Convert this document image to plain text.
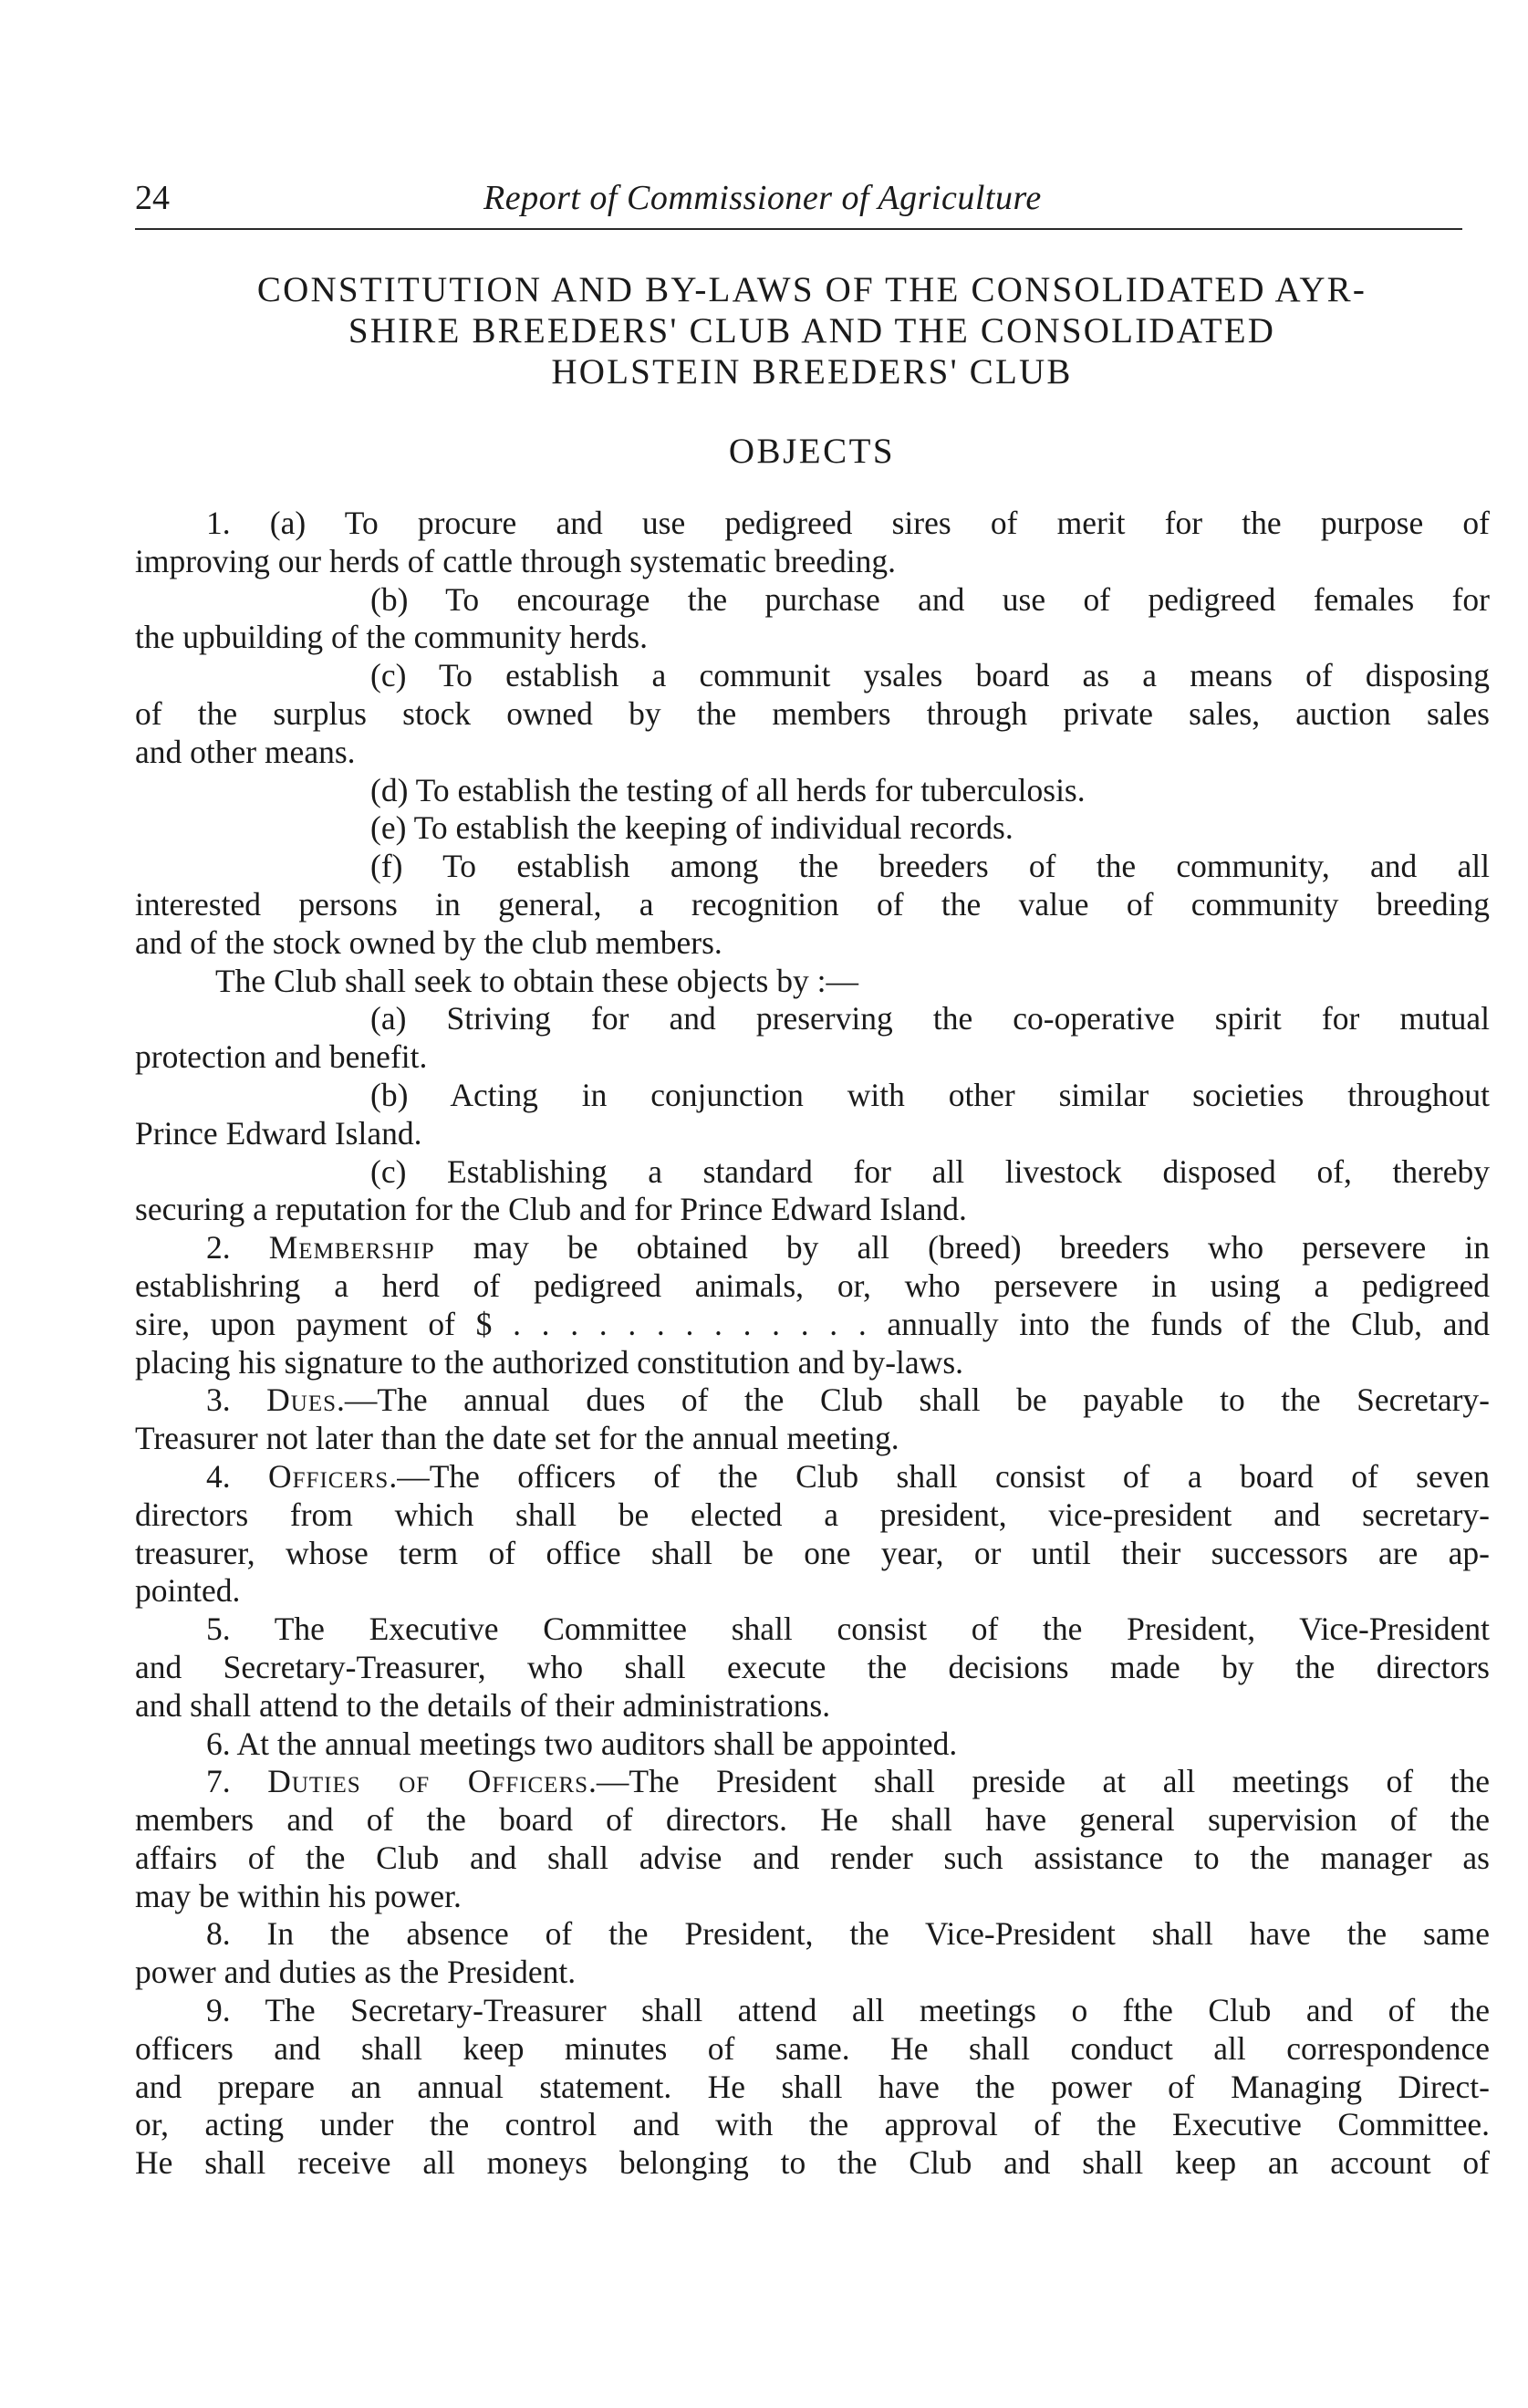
24	Report of Commissioner of Agriculture
CONSTITUTION AND BY-LAWS OF THE CONSOLIDATED AYR-
SHIRE BREEDERS' CLUB AND THE CONSOLIDATED
HOLSTEIN BREEDERS' CLUB
OBJECTS
1. (a) To procure and use pedigreed sires of merit for the purpose of
improving our herds of cattle through systematic breeding.
(b) To encourage the purchase and use of pedigreed females for
the upbuilding of the community herds.
(c) To establish a communit ysales board as a means of disposing
of the surplus stock owned by the members through private sales, auction sales
and other means.
(d) To establish the testing of all herds for tuberculosis.
(e) To establish the keeping of individual records.
(f) To establish among the breeders of the community, and all
interested persons in general, a recognition of the value of community breeding
and of the stock owned by the club members.
The Club shall seek to obtain these objects by :—
(a) Striving for and preserving the co-operative spirit for mutual
protection and benefit.
(b) Acting in conjunction with other similar societies throughout
Prince Edward Island.
(c) Establishing a standard for all livestock disposed of, thereby
securing a reputation for the Club and for Prince Edward Island.
2. Membership may be obtained by all (breed) breeders who persevere in
establishring a herd of pedigreed animals, or, who persevere in using a pedigreed
sire, upon payment of $ . . . . . . . . . . . . . annually into the funds of the Club, and
placing his signature to the authorized constitution and by-laws.
3. Dues.—The annual dues of the Club shall be payable to the Secretary-
Treasurer not later than the date set for the annual meeting.
4. Officers.—The officers of the Club shall consist of a board of seven
directors from which shall be elected a president, vice-president and secretary-
treasurer, whose term of office shall be one year, or until their successors are ap-
pointed.
5. The Executive Committee shall consist of the President, Vice-President
and Secretary-Treasurer, who shall execute the decisions made by the directors
and shall attend to the details of their administrations.
6. At the annual meetings two auditors shall be appointed.
7. Duties of Officers.—The President shall preside at all meetings of the
members and of the board of directors. He shall have general supervision of the
affairs of the Club and shall advise and render such assistance to the manager as
may be within his power.
8. In the absence of the President, the Vice-President shall have the same
power and duties as the President.
9. The Secretary-Treasurer shall attend all meetings o fthe Club and of the
officers and shall keep minutes of same. He shall conduct all correspondence
and prepare an annual statement. He shall have the power of Managing Direct-
or, acting under the control and with the approval of the Executive Committee.
He shall receive all moneys belonging to the Club and shall keep an account of
